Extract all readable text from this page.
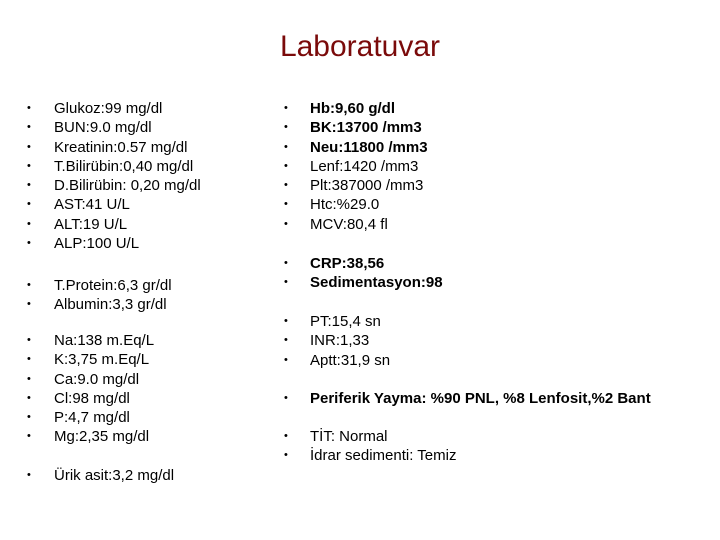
Laboratuvar
• Glukoz:99 mg/dl
• BUN:9.0 mg/dl
• Kreatinin:0.57 mg/dl
• T.Bilirübin:0,40 mg/dl
• D.Bilirübin: 0,20 mg/dl
• AST:41 U/L
• ALT:19 U/L
• ALP:100 U/L
• T.Protein:6,3 gr/dl
• Albumin:3,3 gr/dl
• Na:138 m.Eq/L
• K:3,75 m.Eq/L
• Ca:9.0 mg/dl
• Cl:98 mg/dl
• P:4,7 mg/dl
• Mg:2,35 mg/dl
• Ürik asit:3,2 mg/dl
• Hb:9,60 g/dl
• BK:13700 /mm3
• Neu:11800 /mm3
• Lenf:1420 /mm3
• Plt:387000 /mm3
• Htc:%29.0
• MCV:80,4 fl
• CRP:38,56
• Sedimentasyon:98
• PT:15,4 sn
• INR:1,33
• Aptt:31,9 sn
• Periferik Yayma: %90 PNL, %8 Lenfosit,%2 Bant
• TİT: Normal
• İdrar sedimenti: Temiz
